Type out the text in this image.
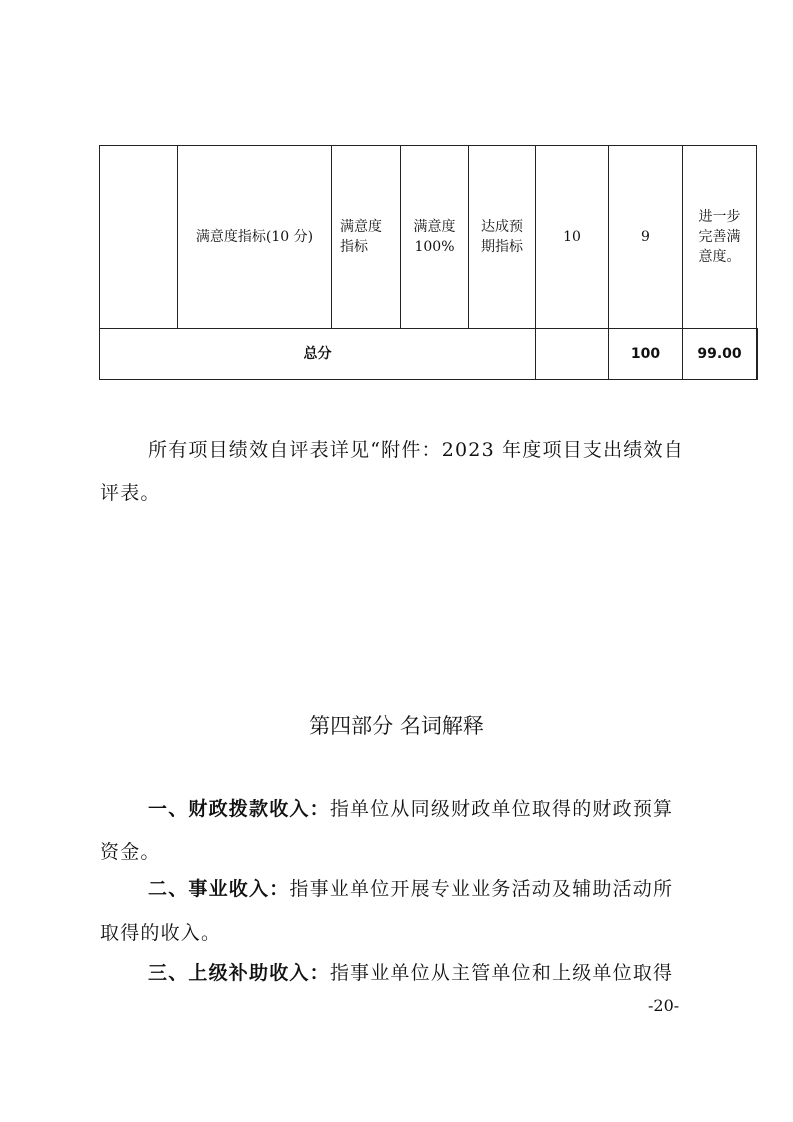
	满意度指标(10 分)	满意度指标	满意度100%	达成预期指标	10	9	进一步完善满意度。	
总分						100	99.00	
所有项目绩效自评表详见“附件：2023 年度项目支出绩效自
评表。
第四部分 名词解释
一、财政拨款收入：指单位从同级财政单位取得的财政预算
资金。
二、事业收入：指事业单位开展专业业务活动及辅助活动所
取得的收入。
三、上级补助收入：指事业单位从主管单位和上级单位取得
-20-
